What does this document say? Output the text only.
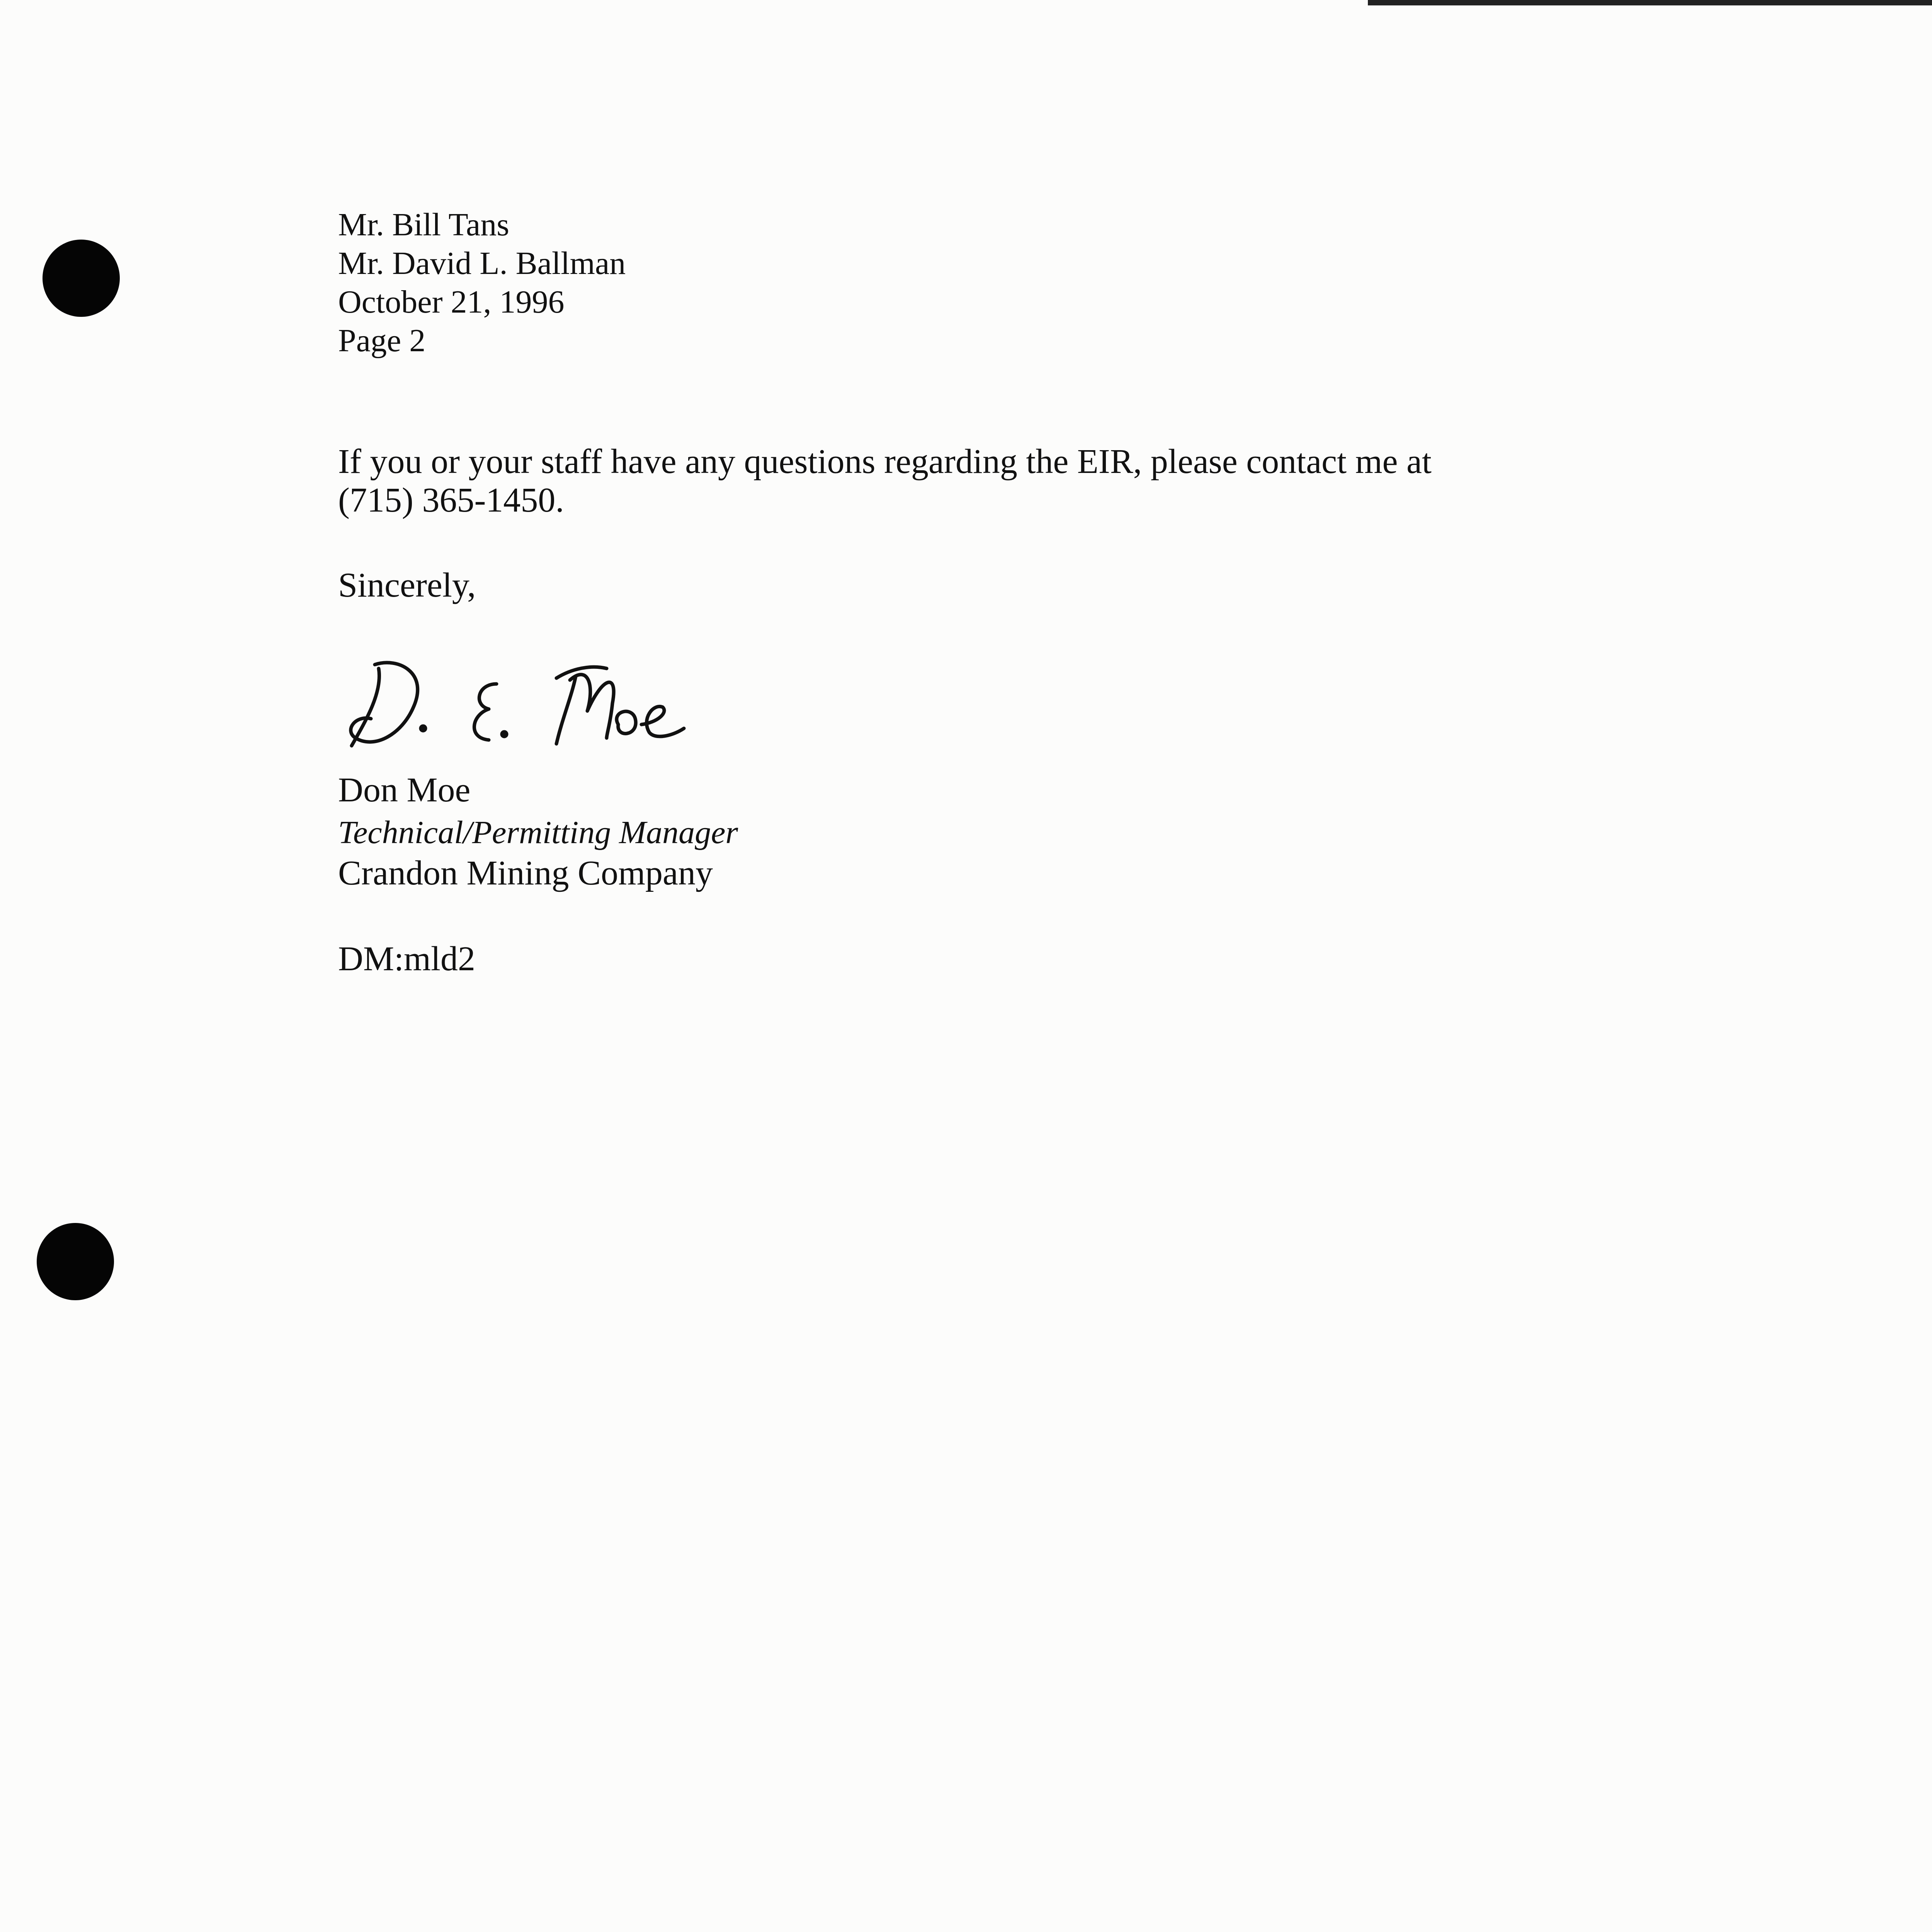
Mr. Bill Tans
Mr. David L. Ballman
October 21, 1996
Page 2
If you or your staff have any questions regarding the EIR, please contact me at
(715) 365-1450.
Sincerely,
Don Moe
Technical/Permitting Manager
Crandon Mining Company
DM:mld2
